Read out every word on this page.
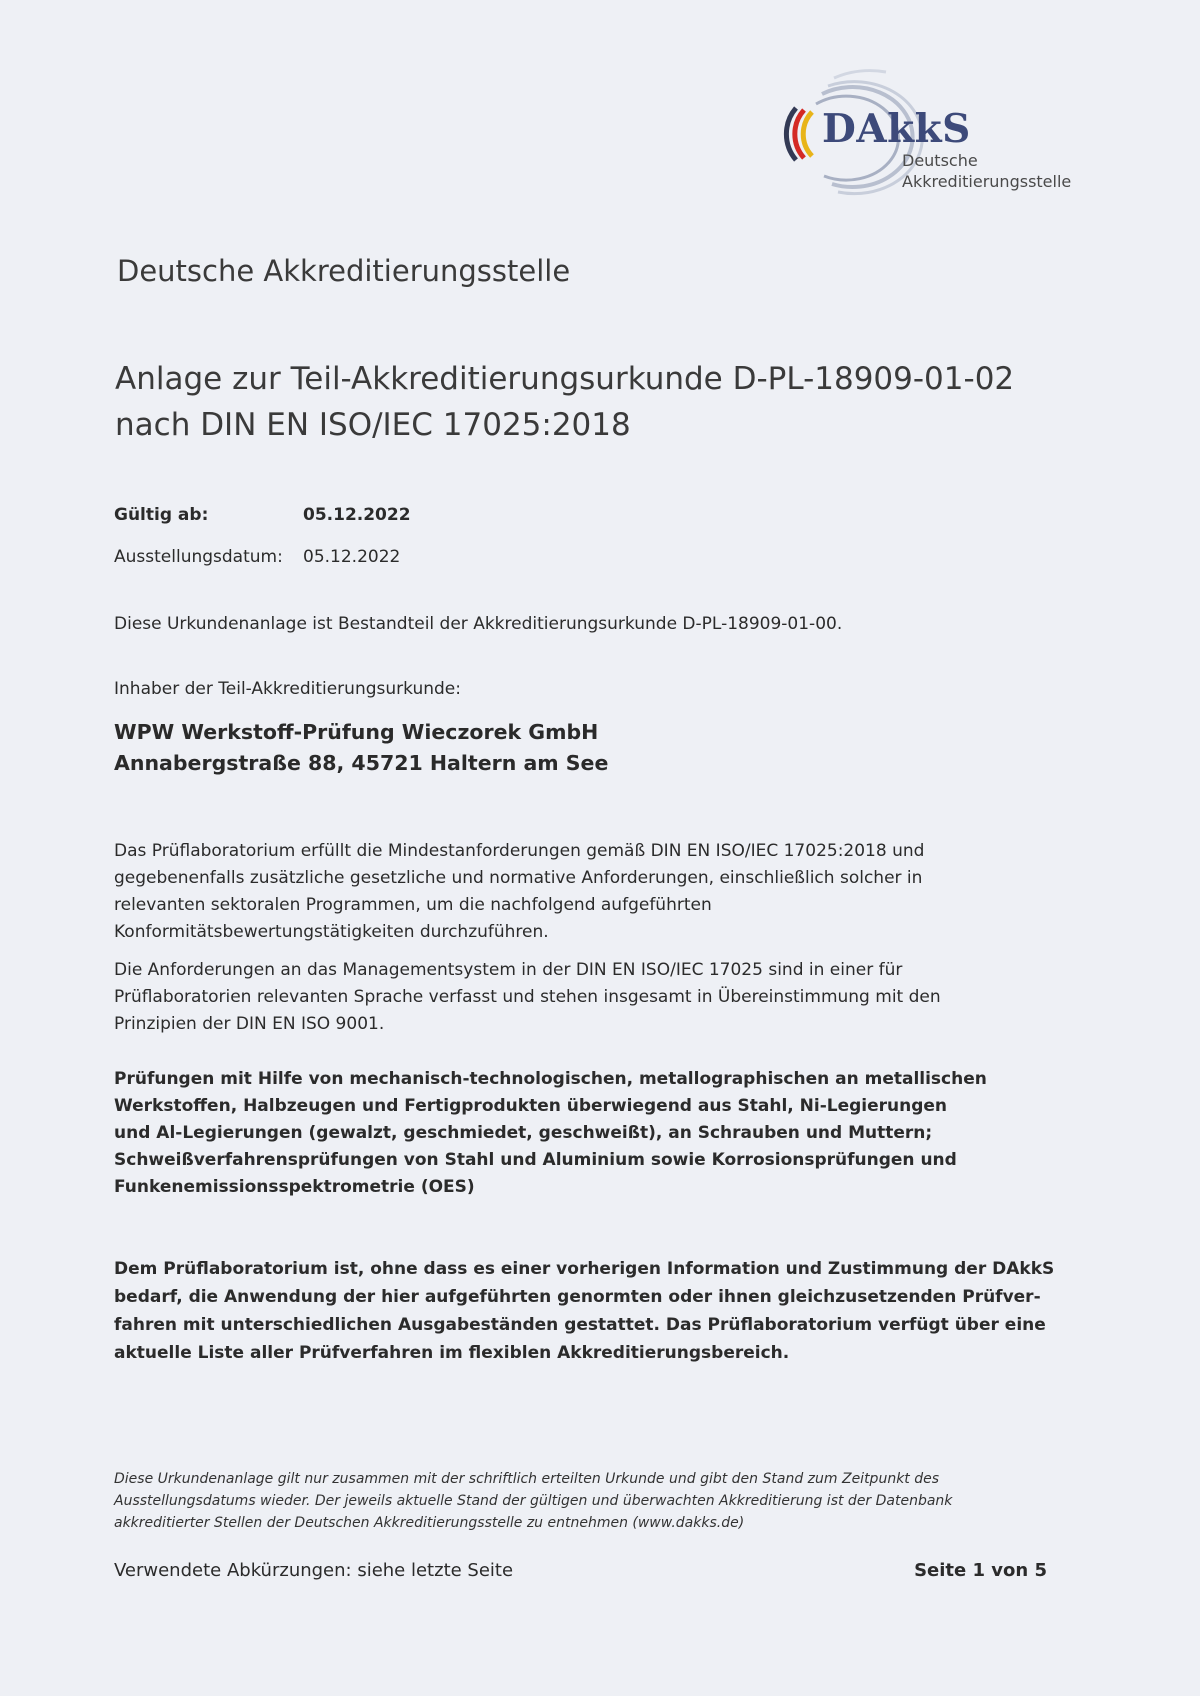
DAkkS
Deutsche
Akkreditierungsstelle
Deutsche Akkreditierungsstelle
Anlage zur Teil-Akkreditierungsurkunde D-PL-18909-01-02
nach DIN EN ISO/IEC 17025:2018
Gültig ab:	05.12.2022
Ausstellungsdatum: 05.12.2022
Diese Urkundenanlage ist Bestandteil der Akkreditierungsurkunde D-PL-18909-01-00.
Inhaber der Teil-Akkreditierungsurkunde:
WPW Werkstoff-Prüfung Wieczorek GmbH
Annabergstraße 88, 45721 Haltern am See
Das Prüflaboratorium erfüllt die Mindestanforderungen gemäß DIN EN ISO/IEC 17025:2018 und
gegebenenfalls zusätzliche gesetzliche und normative Anforderungen, einschließlich solcher in
relevanten sektoralen Programmen, um die nachfolgend aufgeführten
Konformitätsbewertungstätigkeiten durchzuführen.
Die Anforderungen an das Managementsystem in der DIN EN ISO/IEC 17025 sind in einer für
Prüflaboratorien relevanten Sprache verfasst und stehen insgesamt in Übereinstimmung mit den
Prinzipien der DIN EN ISO 9001.
Prüfungen mit Hilfe von mechanisch-technologischen, metallographischen an metallischen
Werkstoffen, Halbzeugen und Fertigprodukten überwiegend aus Stahl, Ni-Legierungen
und Al-Legierungen (gewalzt, geschmiedet, geschweißt), an Schrauben und Muttern;
Schweißverfahrensprüfungen von Stahl und Aluminium sowie Korrosionsprüfungen und
Funkenemissionsspektrometrie (OES)
Dem Prüflaboratorium ist, ohne dass es einer vorherigen Information und Zustimmung der DAkkS
bedarf, die Anwendung der hier aufgeführten genormten oder ihnen gleichzusetzenden Prüfver-
fahren mit unterschiedlichen Ausgabeständen gestattet. Das Prüflaboratorium verfügt über eine
aktuelle Liste aller Prüfverfahren im flexiblen Akkreditierungsbereich.
Diese Urkundenanlage gilt nur zusammen mit der schriftlich erteilten Urkunde und gibt den Stand zum Zeitpunkt des
Ausstellungsdatums wieder. Der jeweils aktuelle Stand der gültigen und überwachten Akkreditierung ist der Datenbank
akkreditierter Stellen der Deutschen Akkreditierungsstelle zu entnehmen (www.dakks.de)
Verwendete Abkürzungen: siehe letzte Seite	Seite 1 von 5
